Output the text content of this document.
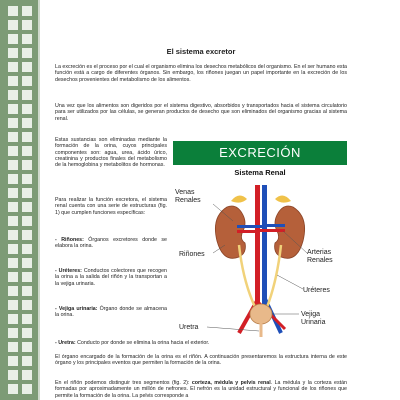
El sistema excretor
La excreción es el proceso por el cual el organismo elimina los desechos metabólicos del organismo. En el ser humano esta función está a cargo de diferentes órganos. Sin embargo, los riñones juegan un papel importante en la excreción de los desechos provenientes del metabolismo de los alimentos.
Una vez que los alimentos son digeridos por el sistema digestivo, absorbidos y transportados hacia el sistema circulatorio para ser utilizados por las células, se generan productos de desecho que son eliminados del organismo gracias al sistema renal.
Estas sustancias son eliminadas mediante la formación de la orina, cuyos principales componentes son: agua, urea, ácido úrico, creatinina y productos finales del metabolismo de la hemoglobina y metabolitos de hormonas.
Para realizar la función excretora, el sistema renal cuenta con una serie de estructuras (fig. 1) que cumplen funciones específicas:
- Riñones: Órganos excretores donde se elabora la orina.
- Uréteres: Conductos colectores que recogen la orina a la salida del riñón y la transportan a la vejiga urinaria.
- Vejiga urinaria: Órgano donde se almacena la orina.
- Uretra: Conducto por donde se elimina la orina hacia el exterior.
El órgano encargado de la formación de la orina es el riñón. A continuación presentaremos la estructura interna de este órgano y los principales eventos que permiten la formación de la orina.
En el riñón podemos distinguir tres segmentos (fig. 2): corteza, médula y pelvis renal. La médula y la corteza están formadas por aproximadamente un millón de nefrones. El nefrón es la unidad estructural y funcional de los riñones que permite la formación de la orina. La pelvis corresponde a
EXCRECIÓN
Sistema Renal
Venas
Renales
Riñones	Arterias
Renales
Uréteres
Vejiga
Urinaria
Uretra
